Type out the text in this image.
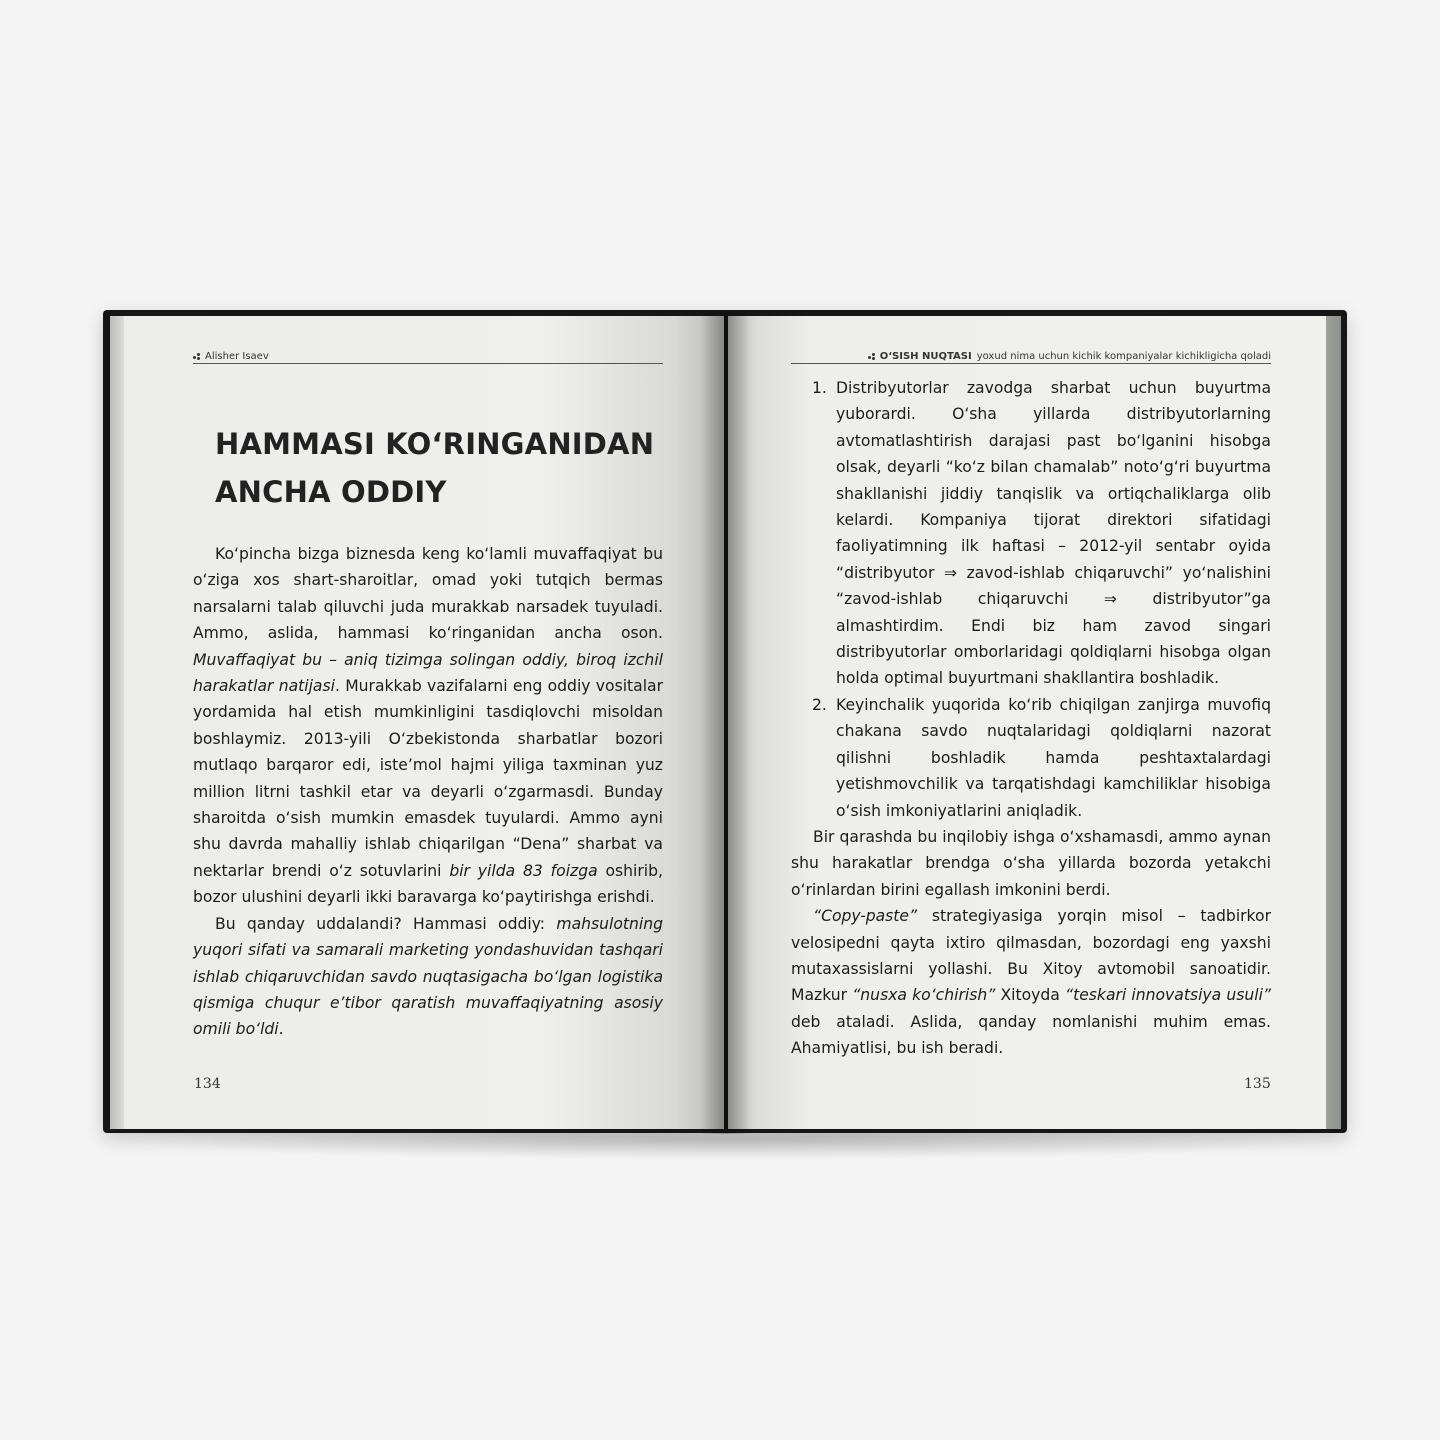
Alisher Isaev
HAMMASI KO‘RINGANIDAN
ANCHA ODDIY

Ko‘pincha bizga biznesda keng ko‘lamli muvaffaqiyat bu o‘ziga xos shart-sharoitlar, omad yoki tutqich bermas narsalarni talab qiluvchi juda murakkab narsadek tuyuladi. Ammo, aslida, hammasi ko‘ringanidan ancha oson. Muvaffaqiyat bu – aniq tizimga solingan oddiy, biroq izchil harakatlar natijasi. Murakkab vazifalarni eng oddiy vositalar yordamida hal etish mumkinligini tasdiqlovchi misoldan boshlaymiz. 2013-yili O‘zbekistonda sharbatlar bozori mutlaqo barqaror edi, iste’mol hajmi yiliga taxminan yuz million litrni tashkil etar va deyarli o‘zgarmasdi. Bunday sharoitda o‘sish mumkin emasdek tuyulardi. Ammo ayni shu davrda mahalliy ishlab chiqarilgan “Dena” sharbat va nektarlar brendi o‘z sotuvlarini bir yilda 83 foizga oshirib, bozor ulushini deyarli ikki baravarga ko‘paytirishga erishdi.

Bu qanday uddalandi? Hammasi oddiy: mahsulotning yuqori sifati va samarali marketing yondashuvidan tashqari ishlab chiqaruvchidan savdo nuqtasigacha bo‘lgan logistika qismiga chuqur e’tibor qaratish muvaffaqiyatning asosiy omili bo‘ldi.

134
O‘SISH NUQTASI yoxud nima uchun kichik kompaniyalar kichikligicha qoladi
1. Distribyutorlar zavodga sharbat uchun buyurtma yuborardi. O‘sha yillarda distribyutorlarning avtomatlashtirish darajasi past bo‘lganini hisobga olsak, deyarli “ko‘z bilan chamalab” noto‘g‘ri buyurtma shakllanishi jiddiy tanqislik va ortiqchaliklarga olib kelardi. Kompaniya tijorat direktori sifatidagi faoliyatimning ilk haftasi – 2012-yil sentabr oyida “distribyutor ⇒ zavod-ishlab chiqaruvchi” yo‘nalishini “zavod-ishlab chiqaruvchi ⇒ distribyutor”ga almashtirdim. Endi biz ham zavod singari distribyutorlar omborlaridagi qoldiqlarni hisobga olgan holda optimal buyurtmani shakllantira boshladik.
2. Keyinchalik yuqorida ko‘rib chiqilgan zanjirga muvofiq chakana savdo nuqtalaridagi qoldiqlarni nazorat qilishni boshladik hamda peshtaxtalardagi yetishmovchilik va tarqatishdagi kamchiliklar hisobiga o‘sish imkoniyatlarini aniqladik.

Bir qarashda bu inqilobiy ishga o‘xshamasdi, ammo aynan shu harakatlar brendga o‘sha yillarda bozorda yetakchi o‘rinlardan birini egallash imkonini berdi.

“Copy-paste” strategiyasiga yorqin misol – tadbirkor velosipedni qayta ixtiro qilmasdan, bozordagi eng yaxshi mutaxassislarni yollashi. Bu Xitoy avtomobil sanoatidir. Mazkur “nusxa ko‘chirish” Xitoyda “teskari innovatsiya usuli” deb ataladi. Aslida, qanday nomlanishi muhim emas. Ahamiyatlisi, bu ish beradi.

135
